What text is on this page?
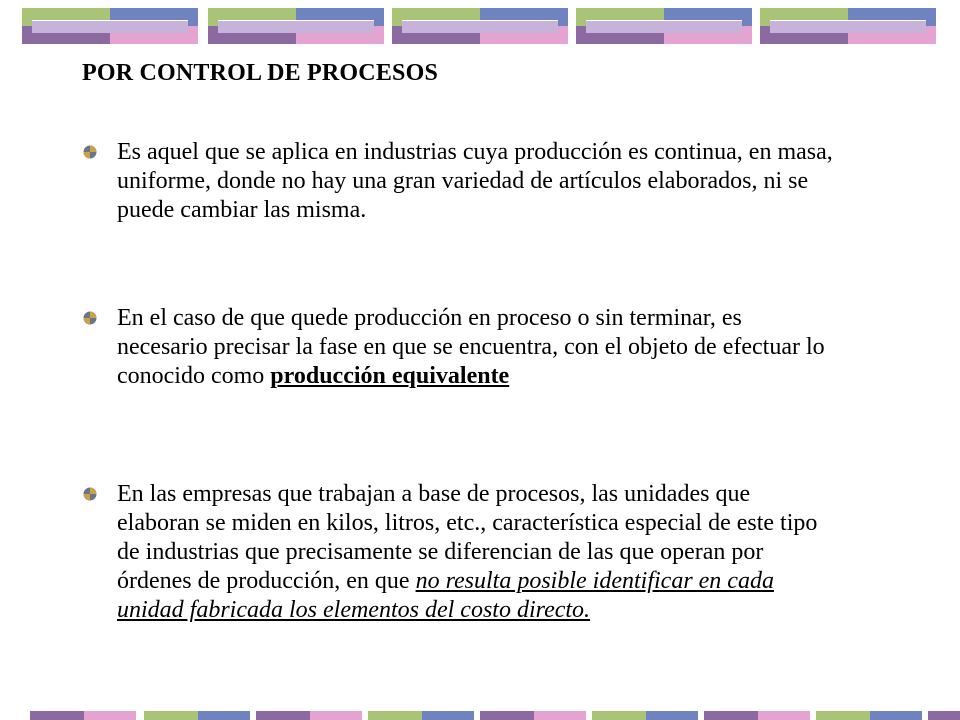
POR CONTROL DE PROCESOS
Es aquel que se aplica en industrias cuya producción es continua, en masa, uniforme, donde no hay una gran variedad de artículos elaborados, ni se puede cambiar las misma.
En el caso de que quede producción en proceso o sin terminar, es necesario precisar la fase en que se encuentra, con el objeto de efectuar lo conocido como producción equivalente
En las empresas que trabajan a base de procesos, las unidades que elaboran se miden en kilos, litros, etc., característica especial de este tipo de industrias que precisamente se diferencian de las que operan por órdenes de producción, en que no resulta posible identificar en cada unidad fabricada los elementos del costo directo.
